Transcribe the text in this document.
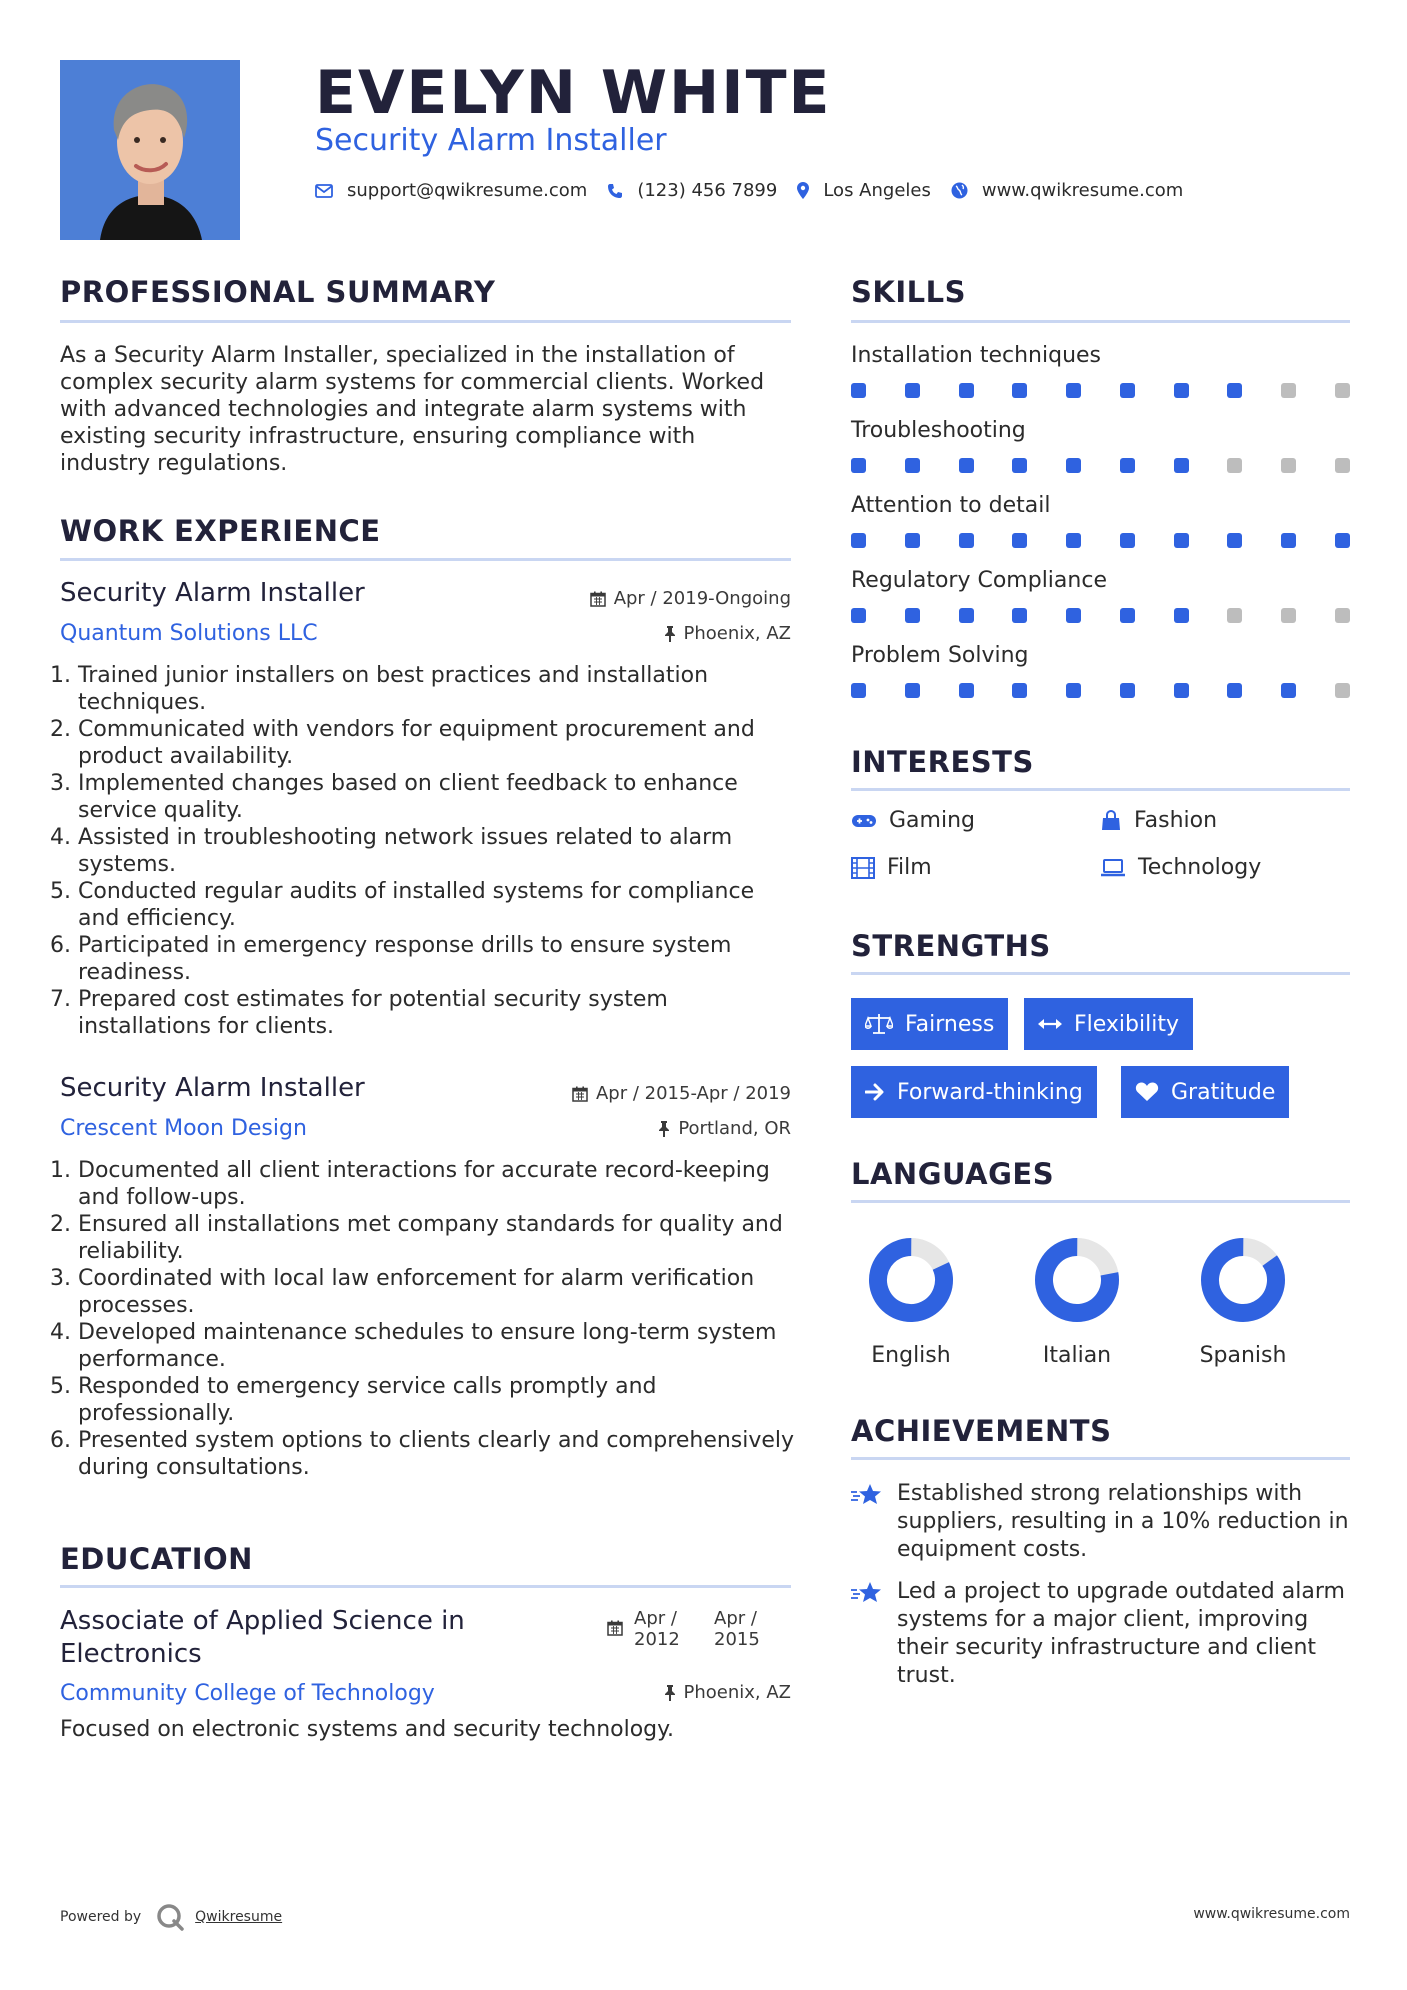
EVELYN WHITE
Security Alarm Installer
support@qwikresume.com	(123) 456 7899	Los Angeles	www.qwikresume.com
PROFESSIONAL SUMMARY
As a Security Alarm Installer, specialized in the installation of complex security alarm systems for commercial clients. Worked with advanced technologies and integrate alarm systems with existing security infrastructure, ensuring compliance with industry regulations.
WORK EXPERIENCE
Security Alarm Installer	Apr / 2019-Ongoing
Quantum Solutions LLC	Phoenix, AZ
1. Trained junior installers on best practices and installation techniques.
2. Communicated with vendors for equipment procurement and product availability.
3. Implemented changes based on client feedback to enhance service quality.
4. Assisted in troubleshooting network issues related to alarm systems.
5. Conducted regular audits of installed systems for compliance and efficiency.
6. Participated in emergency response drills to ensure system readiness.
7. Prepared cost estimates for potential security system installations for clients.
Security Alarm Installer	Apr / 2015-Apr / 2019
Crescent Moon Design	Portland, OR
1. Documented all client interactions for accurate record-keeping and follow-ups.
2. Ensured all installations met company standards for quality and reliability.
3. Coordinated with local law enforcement for alarm verification processes.
4. Developed maintenance schedules to ensure long-term system performance.
5. Responded to emergency service calls promptly and professionally.
6. Presented system options to clients clearly and comprehensively during consultations.
EDUCATION
Associate of Applied Science in Electronics
Apr /
2012
Apr /
2015
Community College of Technology	Phoenix, AZ
Focused on electronic systems and security technology.
SKILLS
Installation techniques
Troubleshooting
Attention to detail
Regulatory Compliance
Problem Solving
INTERESTS
Gaming	Fashion
Film	Technology
STRENGTHS
Fairness	Flexibility
Forward-thinking	Gratitude
LANGUAGES
English	Italian	Spanish
ACHIEVEMENTS
Established strong relationships with suppliers, resulting in a 10% reduction in equipment costs.
Led a project to upgrade outdated alarm systems for a major client, improving their security infrastructure and client trust.
Powered by	Qwikresume	www.qwikresume.com
